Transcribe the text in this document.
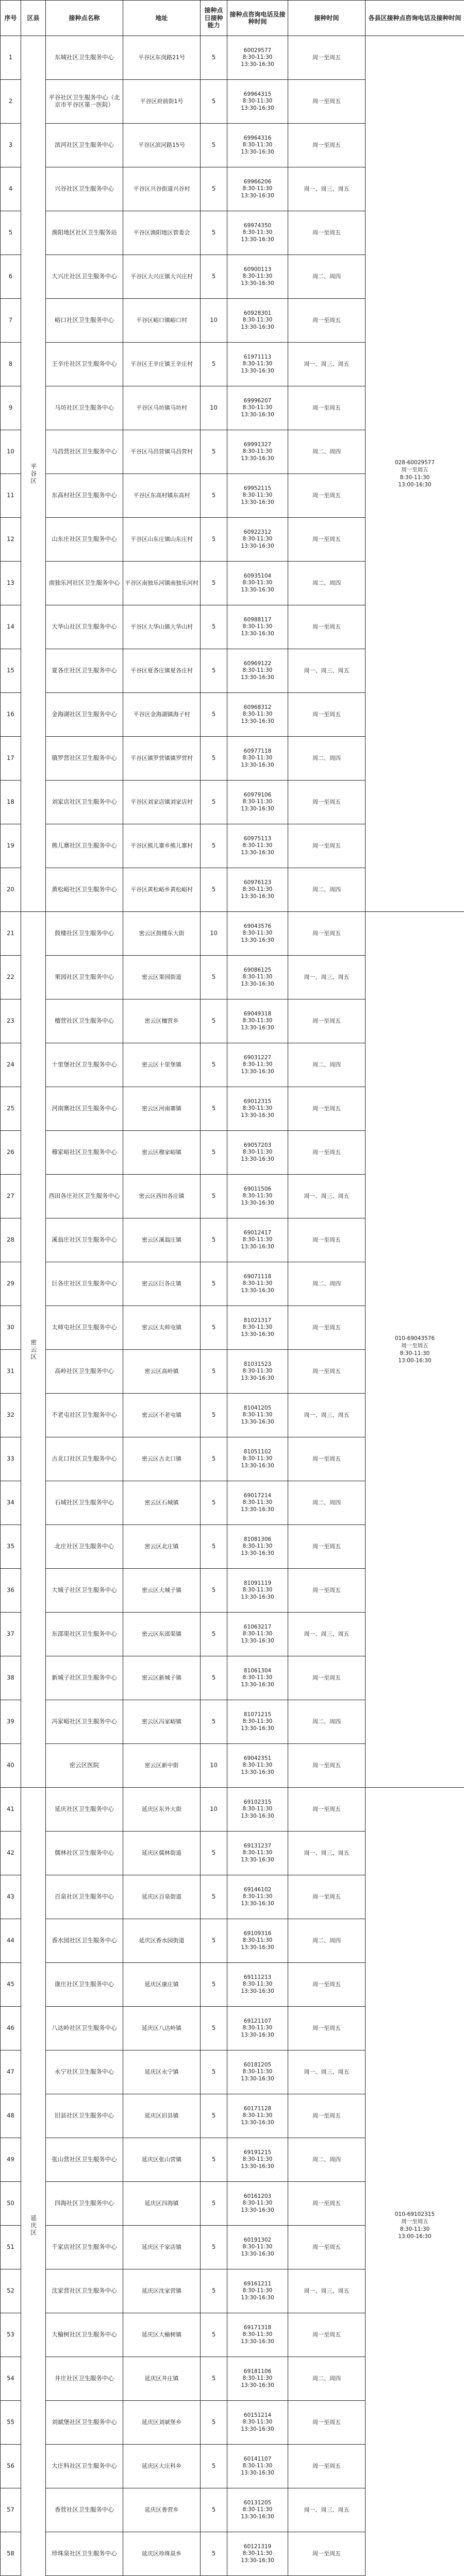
序号	区县	接种点名称	地址	接种点日接种能力	接种点咨询电话及接种时间	接种时间	各县区接种点咨询电话及接种时间
1	平谷区	东城社区卫生服务中心	平谷区东岗路21号	5	60029577
8:30-11:30
13:30-16:30	周一至周五	028-60029577
周一至周五
8:30-11:30
13:00-16:30
2		平谷社区卫生服务中心（北京市平谷区第一医院）	平谷区府前街1号	5	69964315
8:30-11:30
13:30-16:30	周一至周五	
3		滨河社区卫生服务中心	平谷区滨河路15号	5	69964316
8:30-11:30
13:30-16:30	周一至周五	
4		兴谷社区卫生服务中心	平谷区兴谷街道兴谷村	5	69966206
8:30-11:30
13:30-16:30	周一、周三、周五	
5		渔阳地区社区卫生服务站	平谷区渔阳地区管委会	5	69974350
8:30-11:30
13:30-16:30	周一至周五	
6		大兴庄社区卫生服务中心	平谷区大兴庄镇大兴庄村	5	60900113
8:30-11:30
13:30-16:30	周二、周四	
7		峪口社区卫生服务中心	平谷区峪口镇峪口村	10	60928301
8:30-11:30
13:30-16:30	周一至周五	
8		王辛庄社区卫生服务中心	平谷区王辛庄镇王辛庄村	5	61971113
8:30-11:30
13:30-16:30	周一、周三、周五	
9		马坊社区卫生服务中心	平谷区马坊镇马坊村	10	69996207
8:30-11:30
13:30-16:30	周一至周五	
10		马昌营社区卫生服务中心	平谷区马昌营镇马昌营村	5	69991327
8:30-11:30
13:30-16:30	周二、周四	
11		东高村社区卫生服务中心	平谷区东高村镇东高村	5	69952115
8:30-11:30
13:30-16:30	周一至周五	
12		山东庄社区卫生服务中心	平谷区山东庄镇山东庄村	5	60922312
8:30-11:30
13:30-16:30	周一至周五	
13		南独乐河社区卫生服务中心	平谷区南独乐河镇南独乐河村	5	60935104
8:30-11:30
13:30-16:30	周二、周四	
14		大华山社区卫生服务中心	平谷区大华山镇大华山村	5	60988117
8:30-11:30
13:30-16:30	周一至周五	
15		夏各庄社区卫生服务中心	平谷区夏各庄镇夏各庄村	5	60969122
8:30-11:30
13:30-16:30	周一、周三、周五	
16		金海湖社区卫生服务中心	平谷区金海湖镇海子村	5	60968312
8:30-11:30
13:30-16:30	周一至周五	
17		镇罗营社区卫生服务中心	平谷区镇罗营镇镇罗营村	5	60977118
8:30-11:30
13:30-16:30	周二、周四	
18		刘家店社区卫生服务中心	平谷区刘家店镇刘家店村	5	60979106
8:30-11:30
13:30-16:30	周一至周五	
19		熊儿寨社区卫生服务中心	平谷区熊儿寨乡熊儿寨村	5	60975113
8:30-11:30
13:30-16:30	周一至周五	
20		黄松峪社区卫生服务中心	平谷区黄松峪乡黄松峪村	5	60976123
8:30-11:30
13:30-16:30	周二、周四	
21	密云区	鼓楼社区卫生服务中心	密云区鼓楼东大街	10	69043576
8:30-11:30
13:30-16:30	周一至周五	010-69043576
周一至周五
8:30-11:30
13:00-16:30
22		果园社区卫生服务中心	密云区果园街道	5	69086125
8:30-11:30
13:30-16:30	周一、周三、周五	
23		檀营社区卫生服务中心	密云区檀营乡	5	69049318
8:30-11:30
13:30-16:30	周一至周五	
24		十里堡社区卫生服务中心	密云区十里堡镇	5	69031227
8:30-11:30
13:30-16:30	周二、周四	
25		河南寨社区卫生服务中心	密云区河南寨镇	5	69012315
8:30-11:30
13:30-16:30	周一至周五	
26		穆家峪社区卫生服务中心	密云区穆家峪镇	5	69057203
8:30-11:30
13:30-16:30	周一至周五	
27		西田各庄社区卫生服务中心	密云区西田各庄镇	5	69011506
8:30-11:30
13:30-16:30	周一、周三、周五	
28		溪翁庄社区卫生服务中心	密云区溪翁庄镇	5	69012417
8:30-11:30
13:30-16:30	周一至周五	
29		巨各庄社区卫生服务中心	密云区巨各庄镇	5	69071118
8:30-11:30
13:30-16:30	周二、周四	
30		太师屯社区卫生服务中心	密云区太师屯镇	5	81021317
8:30-11:30
13:30-16:30	周一至周五	
31		高岭社区卫生服务中心	密云区高岭镇	5	81031523
8:30-11:30
13:30-16:30	周一至周五	
32		不老屯社区卫生服务中心	密云区不老屯镇	5	81041205
8:30-11:30
13:30-16:30	周一、周三、周五	
33		古北口社区卫生服务中心	密云区古北口镇	5	81051102
8:30-11:30
13:30-16:30	周一至周五	
34		石城社区卫生服务中心	密云区石城镇	5	69017214
8:30-11:30
13:30-16:30	周二、周四	
35		北庄社区卫生服务中心	密云区北庄镇	5	81081306
8:30-11:30
13:30-16:30	周一至周五	
36		大城子社区卫生服务中心	密云区大城子镇	5	81091119
8:30-11:30
13:30-16:30	周一至周五	
37		东邵渠社区卫生服务中心	密云区东邵渠镇	5	61063217
8:30-11:30
13:30-16:30	周一、周三、周五	
38		新城子社区卫生服务中心	密云区新城子镇	5	81061304
8:30-11:30
13:30-16:30	周一至周五	
39		冯家峪社区卫生服务中心	密云区冯家峪镇	5	81071215
8:30-11:30
13:30-16:30	周二、周四	
40		密云区医院	密云区新中街	10	69042351
8:30-11:30
13:30-16:30	周一至周五	
41	延庆区	延庆社区卫生服务中心	延庆区东外大街	10	69102315
8:30-11:30
13:30-16:30	周一至周五	010-69102315
周一至周五
8:30-11:30
13:00-16:30
42		儒林社区卫生服务中心	延庆区儒林街道	5	69131237
8:30-11:30
13:30-16:30	周一、周三、周五	
43		百泉社区卫生服务中心	延庆区百泉街道	5	69146102
8:30-11:30
13:30-16:30	周一至周五	
44		香水园社区卫生服务中心	延庆区香水园街道	5	69109316
8:30-11:30
13:30-16:30	周二、周四	
45		康庄社区卫生服务中心	延庆区康庄镇	5	69111213
8:30-11:30
13:30-16:30	周一至周五	
46		八达岭社区卫生服务中心	延庆区八达岭镇	5	69121107
8:30-11:30
13:30-16:30	周一至周五	
47		永宁社区卫生服务中心	延庆区永宁镇	5	60181205
8:30-11:30
13:30-16:30	周一、周三、周五	
48		旧县社区卫生服务中心	延庆区旧县镇	5	60171128
8:30-11:30
13:30-16:30	周一至周五	
49		张山营社区卫生服务中心	延庆区张山营镇	5	69191215
8:30-11:30
13:30-16:30	周二、周四	
50		四海社区卫生服务中心	延庆区四海镇	5	60161203
8:30-11:30
13:30-16:30	周一至周五	
51		千家店社区卫生服务中心	延庆区千家店镇	5	60191302
8:30-11:30
13:30-16:30	周一至周五	
52		沈家营社区卫生服务中心	延庆区沈家营镇	5	69161211
8:30-11:30
13:30-16:30	周一、周三、周五	
53		大榆树社区卫生服务中心	延庆区大榆树镇	5	69171318
8:30-11:30
13:30-16:30	周一至周五	
54		井庄社区卫生服务中心	延庆区井庄镇	5	69181106
8:30-11:30
13:30-16:30	周二、周四	
55		刘斌堡社区卫生服务中心	延庆区刘斌堡乡	5	60151214
8:30-11:30
13:30-16:30	周一至周五	
56		大庄科社区卫生服务中心	延庆区大庄科乡	5	60141107
8:30-11:30
13:30-16:30	周一至周五	
57		香营社区卫生服务中心	延庆区香营乡	5	60131205
8:30-11:30
13:30-16:30	周一、周三、周五	
58		珍珠泉社区卫生服务中心	延庆区珍珠泉乡	5	60121319
8:30-11:30
13:30-16:30	周一至周五	
